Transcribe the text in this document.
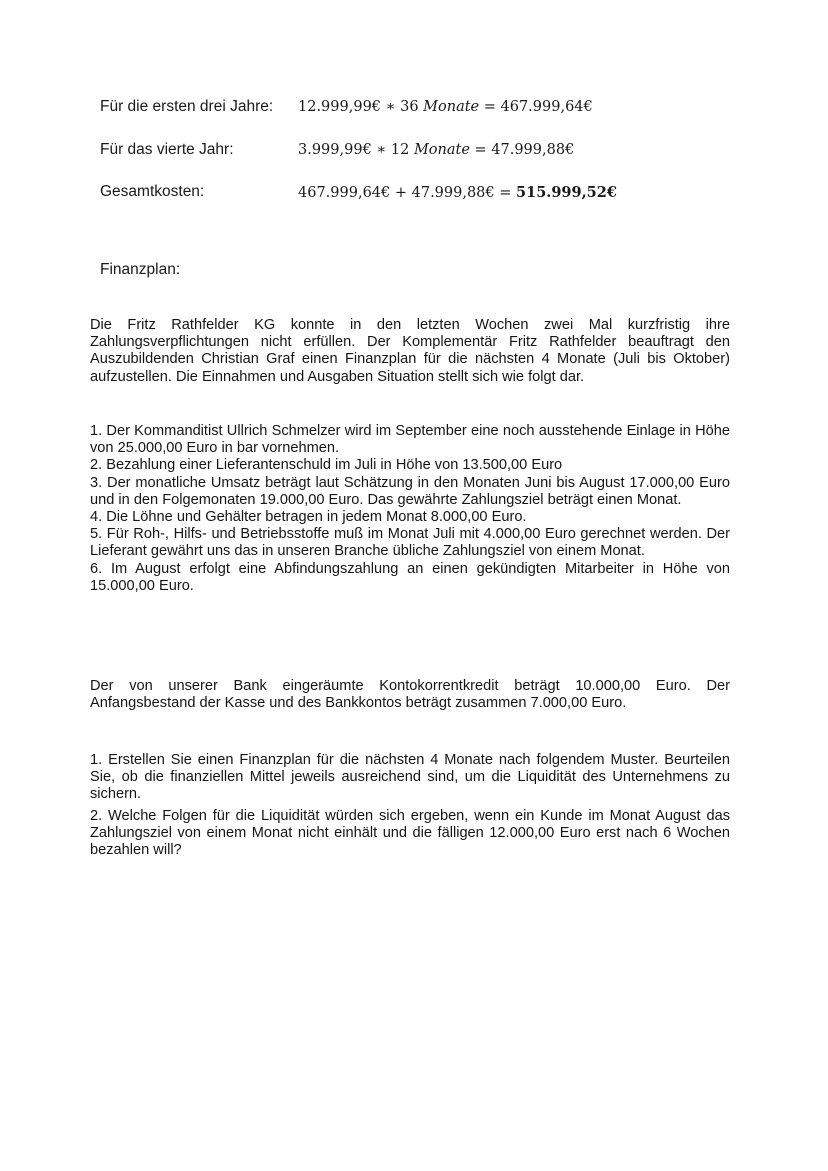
Für die ersten drei Jahre: 12.999,99€ ∗ 36 Monate = 467.999,64€
Für das vierte Jahr:	3.999,99€ ∗ 12 Monate = 47.999,88€
Gesamtkosten:	467.999,64€ + 47.999,88€ = 515.999,52€
Finanzplan:

Die Fritz Rathfelder KG konnte in den letzten Wochen zwei Mal kurzfristig ihre Zahlungsverpflichtungen nicht erfüllen. Der Komplementär Fritz Rathfelder beauftragt den Auszubildenden Christian Graf einen Finanzplan für die nächsten 4 Monate (Juli bis Oktober) aufzustellen. Die Einnahmen und Ausgaben Situation stellt sich wie folgt dar.

1. Der Kommanditist Ullrich Schmelzer wird im September eine noch ausstehende Einlage in Höhe von 25.000,00 Euro in bar vornehmen.

2. Bezahlung einer Lieferantenschuld im Juli in Höhe von 13.500,00 Euro

3. Der monatliche Umsatz beträgt laut Schätzung in den Monaten Juni bis August 17.000,00 Euro und in den Folgemonaten 19.000,00 Euro. Das gewährte Zahlungsziel beträgt einen Monat.

4. Die Löhne und Gehälter betragen in jedem Monat 8.000,00 Euro.

5. Für Roh-, Hilfs- und Betriebsstoffe muß im Monat Juli mit 4.000,00 Euro gerechnet werden. Der Lieferant gewährt uns das in unseren Branche übliche Zahlungsziel von einem Monat.

6. Im August erfolgt eine Abfindungszahlung an einen gekündigten Mitarbeiter in Höhe von 15.000,00 Euro.

Der von unserer Bank eingeräumte Kontokorrentkredit beträgt 10.000,00 Euro. Der Anfangsbestand der Kasse und des Bankkontos beträgt zusammen 7.000,00 Euro.

1. Erstellen Sie einen Finanzplan für die nächsten 4 Monate nach folgendem Muster. Beurteilen Sie, ob die finanziellen Mittel jeweils ausreichend sind, um die Liquidität des Unternehmens zu sichern.

2. Welche Folgen für die Liquidität würden sich ergeben, wenn ein Kunde im Monat August das Zahlungsziel von einem Monat nicht einhält und die fälligen 12.000,00 Euro erst nach 6 Wochen bezahlen will?
